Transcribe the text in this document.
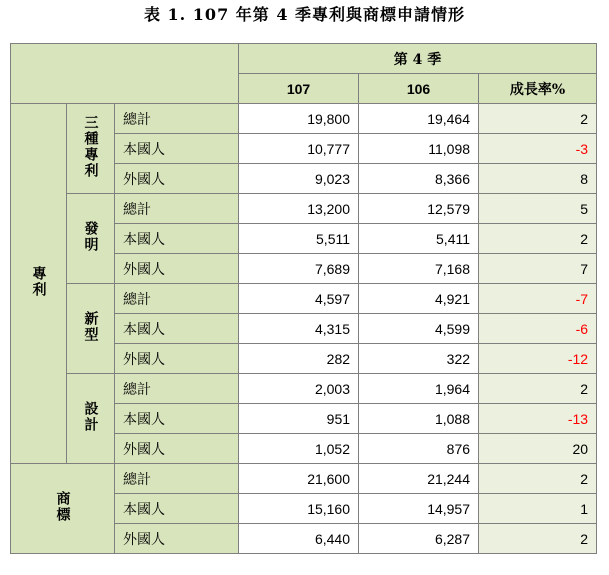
表 1. 107 年第 4 季專利與商標申請情形
			第 4 季		
			107	106	成長率%
專利	三種專利	總計	19,800	19,464	2
		本國人	10,777	11,098	-3
		外國人	9,023	8,366	8
	發明	總計	13,200	12,579	5
		本國人	5,511	5,411	2
		外國人	7,689	7,168	7
	新型	總計	4,597	4,921	-7
		本國人	4,315	4,599	-6
		外國人	282	322	-12
	設計	總計	2,003	1,964	2
		本國人	951	1,088	-13
		外國人	1,052	876	20
商標		總計	21,600	21,244	2
		本國人	15,160	14,957	1
		外國人	6,440	6,287	2
